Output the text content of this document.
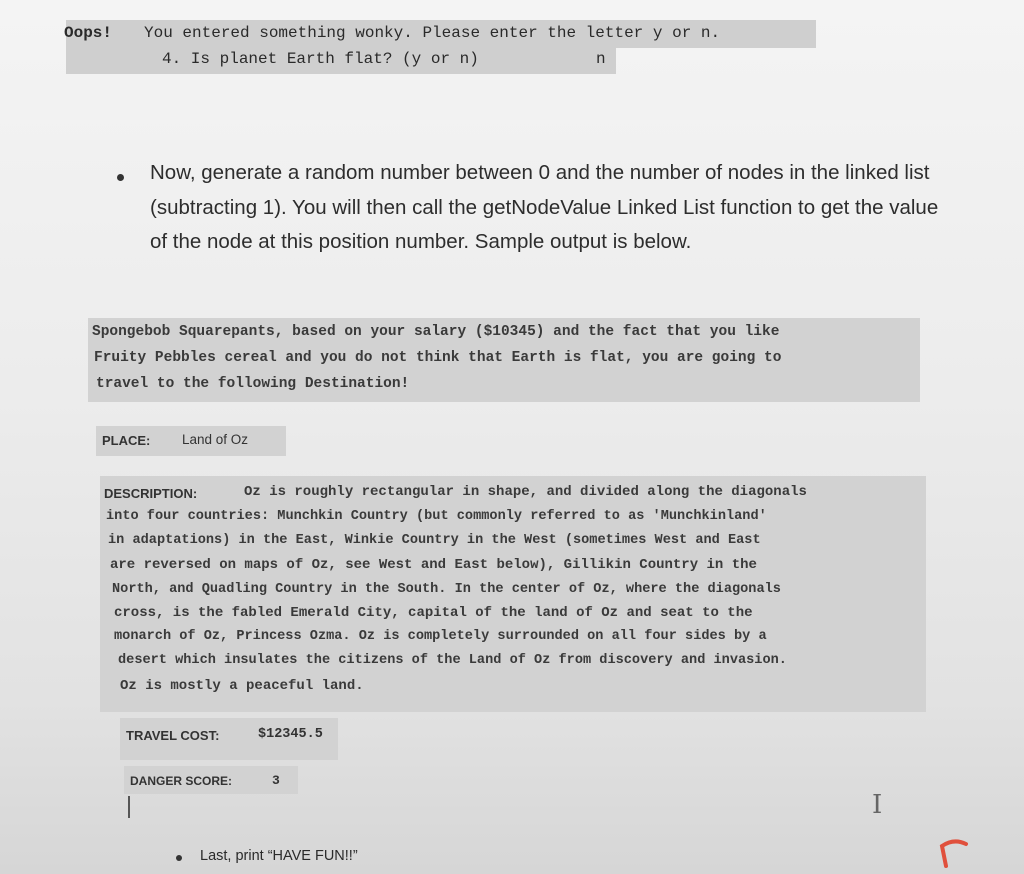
Oops! You entered something wonky. Please enter the letter y or n.
4. Is planet Earth flat? (y or n)	n
Now, generate a random number between 0 and the number of nodes in the linked list (subtracting 1). You will then call the getNodeValue Linked List function to get the value of the node at this position number. Sample output is below.
Spongebob Squarepants, based on your salary ($10345) and the fact that you like
Fruity Pebbles cereal and you do not think that Earth is flat, you are going to
travel to the following Destination!
PLACE: Land of Oz
DESCRIPTION:	Oz is roughly rectangular in shape, and divided along the diagonals
into four countries: Munchkin Country (but commonly referred to as 'Munchkinland'
in adaptations) in the East, Winkie Country in the West (sometimes West and East
are reversed on maps of Oz, see West and East below), Gillikin Country in the
North, and Quadling Country in the South. In the center of Oz, where the diagonals
cross, is the fabled Emerald City, capital of the land of Oz and seat to the
monarch of Oz, Princess Ozma. Oz is completely surrounded on all four sides by a
desert which insulates the citizens of the Land of Oz from discovery and invasion.
Oz is mostly a peaceful land.
TRAVEL COST:	$12345.5
DANGER SCORE:	3
I
Last, print “HAVE FUN!!”
